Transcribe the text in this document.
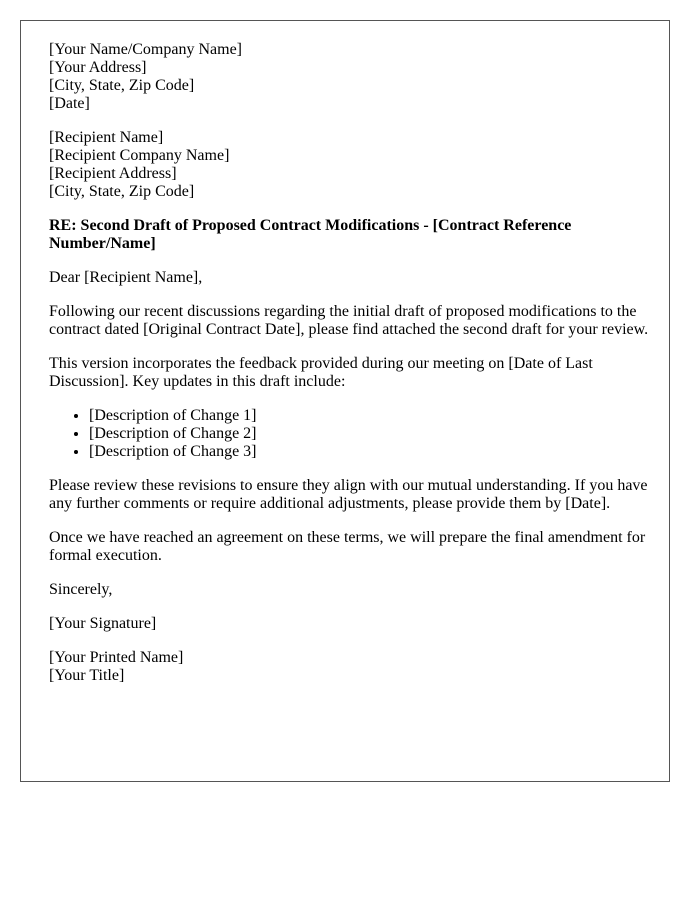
[Your Name/Company Name]
[Your Address]
[City, State, Zip Code]
[Date]

[Recipient Name]
[Recipient Company Name]
[Recipient Address]
[City, State, Zip Code]

RE: Second Draft of Proposed Contract Modifications - [Contract Reference Number/Name]

Dear [Recipient Name],

Following our recent discussions regarding the initial draft of proposed modifications to the contract dated [Original Contract Date], please find attached the second draft for your review.

This version incorporates the feedback provided during our meeting on [Date of Last Discussion]. Key updates in this draft include:

• [Description of Change 1]
• [Description of Change 2]
• [Description of Change 3]

Please review these revisions to ensure they align with our mutual understanding. If you have any further comments or require additional adjustments, please provide them by [Date].

Once we have reached an agreement on these terms, we will prepare the final amendment for formal execution.

Sincerely,

[Your Signature]

[Your Printed Name]
[Your Title]
